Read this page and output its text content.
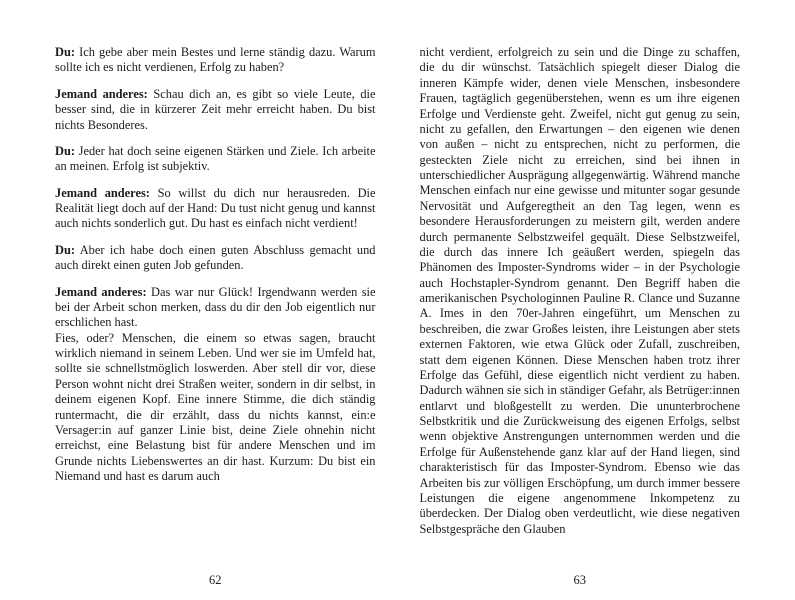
Du: Ich gebe aber mein Bestes und lerne ständig dazu. Warum sollte ich es nicht verdienen, Erfolg zu haben?

Jemand anderes: Schau dich an, es gibt so viele Leute, die besser sind, die in kürzerer Zeit mehr erreicht haben. Du bist nichts Besonderes.

Du: Jeder hat doch seine eigenen Stärken und Ziele. Ich arbeite an meinen. Erfolg ist subjektiv.

Jemand anderes: So willst du dich nur herausreden. Die Realität liegt doch auf der Hand: Du tust nicht genug und kannst auch nichts sonderlich gut. Du hast es einfach nicht verdient!

Du: Aber ich habe doch einen guten Abschluss gemacht und auch direkt einen guten Job gefunden.

Jemand anderes: Das war nur Glück! Irgendwann werden sie bei der Arbeit schon merken, dass du dir den Job eigentlich nur erschlichen hast.

Fies, oder? Menschen, die einem so etwas sagen, braucht wirklich niemand in seinem Leben. Und wer sie im Umfeld hat, sollte sie schnellstmöglich loswerden. Aber stell dir vor, diese Person wohnt nicht drei Straßen weiter, sondern in dir selbst, in deinem eigenen Kopf. Eine innere Stimme, die dich ständig runtermacht, die dir erzählt, dass du nichts kannst, ein:e Versager:in auf ganzer Linie bist, deine Ziele ohnehin nicht erreichst, eine Belastung bist für andere Menschen und im Grunde nichts Liebenswertes an dir hast. Kurzum: Du bist ein Niemand und hast es darum auch

62

nicht verdient, erfolgreich zu sein und die Dinge zu schaffen, die du dir wünschst. Tatsächlich spiegelt dieser Dialog die inneren Kämpfe wider, denen viele Menschen, insbesondere Frauen, tagtäglich gegenüberstehen, wenn es um ihre eigenen Erfolge und Verdienste geht. Zweifel, nicht gut genug zu sein, nicht zu gefallen, den Erwartungen – den eigenen wie denen von außen – nicht zu entsprechen, nicht zu performen, die gesteckten Ziele nicht zu erreichen, sind bei ihnen in unterschiedlicher Ausprägung allgegenwärtig. Während manche Menschen einfach nur eine gewisse und mitunter sogar gesunde Nervosität und Aufgeregtheit an den Tag legen, wenn es besondere Herausforderungen zu meistern gilt, werden andere durch permanente Selbstzweifel gequält. Diese Selbstzweifel, die durch das innere Ich geäußert werden, spiegeln das Phänomen des Imposter-Syndroms wider – in der Psychologie auch Hochstapler-Syndrom genannt. Den Begriff haben die amerikanischen Psychologinnen Pauline R. Clance und Suzanne A. Imes in den 70er-Jahren eingeführt, um Menschen zu beschreiben, die zwar Großes leisten, ihre Leistungen aber stets externen Faktoren, wie etwa Glück oder Zufall, zuschreiben, statt dem eigenen Können. Diese Menschen haben trotz ihrer Erfolge das Gefühl, diese eigentlich nicht verdient zu haben. Dadurch wähnen sie sich in ständiger Gefahr, als Betrüger:innen entlarvt und bloßgestellt zu werden. Die ununterbrochene Selbstkritik und die Zurückweisung des eigenen Erfolgs, selbst wenn objektive Anstrengungen unternommen werden und die Erfolge für Außenstehende ganz klar auf der Hand liegen, sind charakteristisch für das Imposter-Syndrom. Ebenso wie das Arbeiten bis zur völligen Erschöpfung, um durch immer bessere Leistungen die eigene angenommene Inkompetenz zu überdecken. Der Dialog oben verdeutlicht, wie diese negativen Selbstgespräche den Glauben

63
